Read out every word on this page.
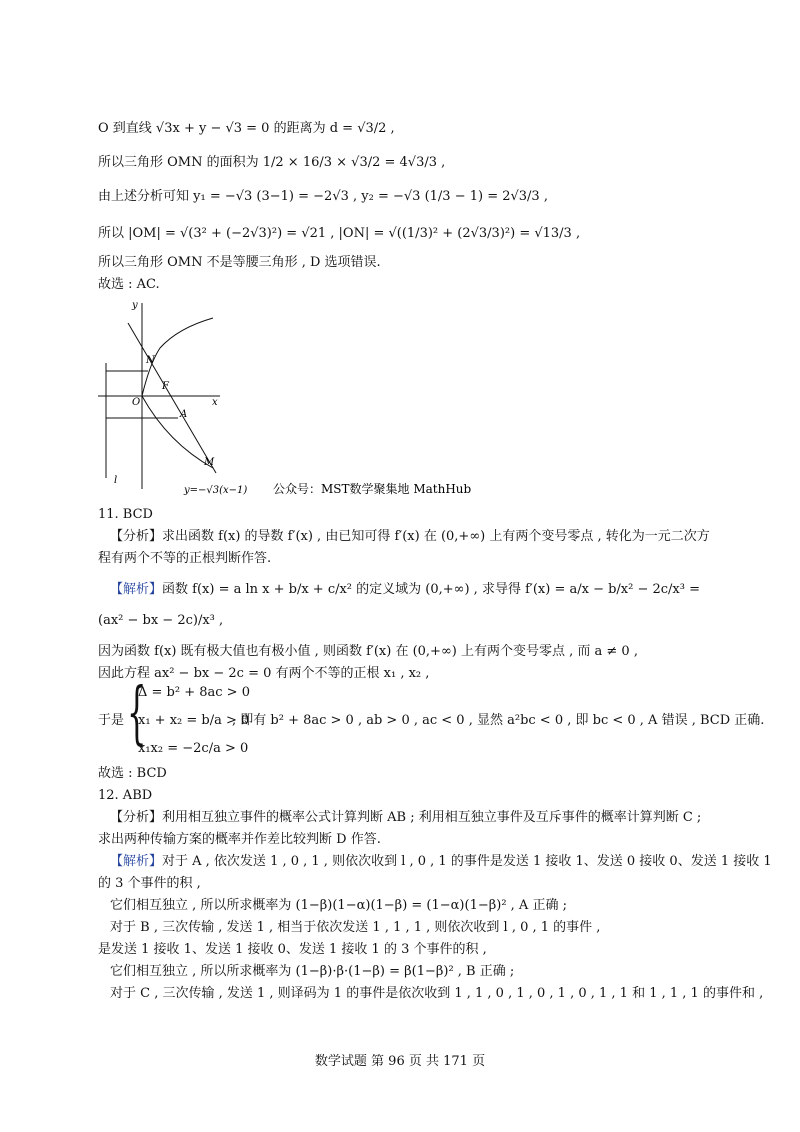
O 到直线 √3x + y − √3 = 0 的距离为 d = √3/2 ,
所以三角形 OMN 的面积为 1/2 × 16/3 × √3/2 = 4√3/3 ,
由上述分析可知 y₁ = −√3 (3−1) = −2√3 , y₂ = −√3 (1/3 − 1) = 2√3/3 ,
所以 |OM| = √(3² + (−2√3)²) = √21 , |ON| = √((1/3)² + (2√3/3)²) = √13/3 ,
所以三角形 OMN 不是等腰三角形 , D 选项错误.
故选 : AC.
y
O	x
N
F
A
M
l
y=−√3(x−1) 公众号：MST数学聚集地 MathHub
11. BCD
【分析】求出函数 f(x) 的导数 f′(x) , 由已知可得 f′(x) 在 (0,+∞) 上有两个变号零点 , 转化为一元二次方
程有两个不等的正根判断作答.
【解析】函数 f(x) = a ln x + b/x + c/x² 的定义域为 (0,+∞) , 求导得 f′(x) = a/x − b/x² − 2c/x³ =
(ax² − bx − 2c)/x³ ,
因为函数 f(x) 既有极大值也有极小值 , 则函数 f′(x) 在 (0,+∞) 上有两个变号零点 , 而 a ≠ 0 ,
因此方程 ax² − bx − 2c = 0 有两个不等的正根 x₁ , x₂ ,
于是 {
Δ = b² + 8ac > 0
x₁ + x₂ = b/a > 0
x₁x₂ = −2c/a > 0
, 即有 b² + 8ac > 0 , ab > 0 , ac < 0 , 显然 a²bc < 0 , 即 bc < 0 , A 错误 , BCD 正确.
故选 : BCD
12. ABD
【分析】利用相互独立事件的概率公式计算判断 AB ; 利用相互独立事件及互斥事件的概率计算判断 C ;
求出两种传输方案的概率并作差比较判断 D 作答.
【解析】对于 A , 依次发送 1 , 0 , 1 , 则依次收到 l , 0 , 1 的事件是发送 1 接收 1、发送 0 接收 0、发送 1 接收 1
的 3 个事件的积 ,
它们相互独立 , 所以所求概率为 (1−β)(1−α)(1−β) = (1−α)(1−β)² , A 正确 ;
对于 B , 三次传输 , 发送 1 , 相当于依次发送 1 , 1 , 1 , 则依次收到 l , 0 , 1 的事件 ,
是发送 1 接收 1、发送 1 接收 0、发送 1 接收 1 的 3 个事件的积 ,
它们相互独立 , 所以所求概率为 (1−β)·β·(1−β) = β(1−β)² , B 正确 ;
对于 C , 三次传输 , 发送 1 , 则译码为 1 的事件是依次收到 1 , 1 , 0 , 1 , 0 , 1 , 0 , 1 , 1 和 1 , 1 , 1 的事件和 ,
数学试题 第 96 页 共 171 页
